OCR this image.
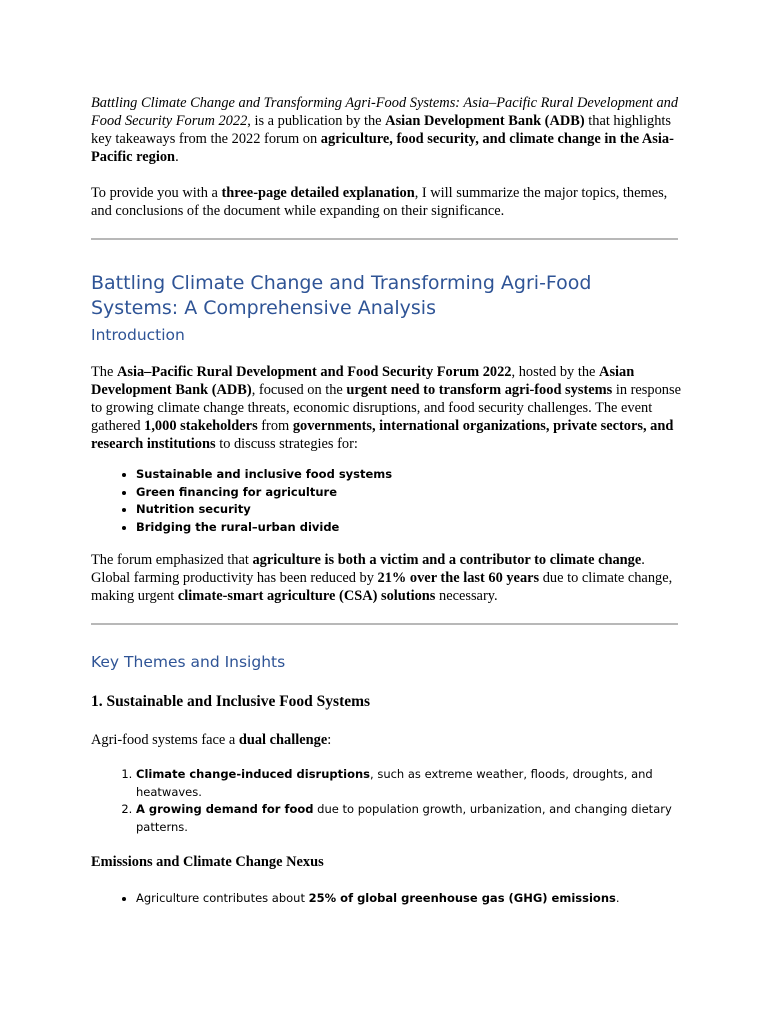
Battling Climate Change and Transforming Agri-Food Systems: Asia–Pacific Rural Development and Food Security Forum 2022, is a publication by the Asian Development Bank (ADB) that highlights key takeaways from the 2022 forum on agriculture, food security, and climate change in the Asia-Pacific region.

To provide you with a three-page detailed explanation, I will summarize the major topics, themes, and conclusions of the document while expanding on their significance.

Battling Climate Change and Transforming Agri-Food Systems: A Comprehensive Analysis
Introduction

The Asia–Pacific Rural Development and Food Security Forum 2022, hosted by the Asian Development Bank (ADB), focused on the urgent need to transform agri-food systems in response to growing climate change threats, economic disruptions, and food security challenges. The event gathered 1,000 stakeholders from governments, international organizations, private sectors, and research institutions to discuss strategies for:

• Sustainable and inclusive food systems
• Green financing for agriculture
• Nutrition security
• Bridging the rural–urban divide

The forum emphasized that agriculture is both a victim and a contributor to climate change. Global farming productivity has been reduced by 21% over the last 60 years due to climate change, making urgent climate-smart agriculture (CSA) solutions necessary.

Key Themes and Insights
1. Sustainable and Inclusive Food Systems

Agri-food systems face a dual challenge:

1. Climate change-induced disruptions, such as extreme weather, floods, droughts, and heatwaves.
2. A growing demand for food due to population growth, urbanization, and changing dietary patterns.
Emissions and Climate Change Nexus
• Agriculture contributes about 25% of global greenhouse gas (GHG) emissions.
